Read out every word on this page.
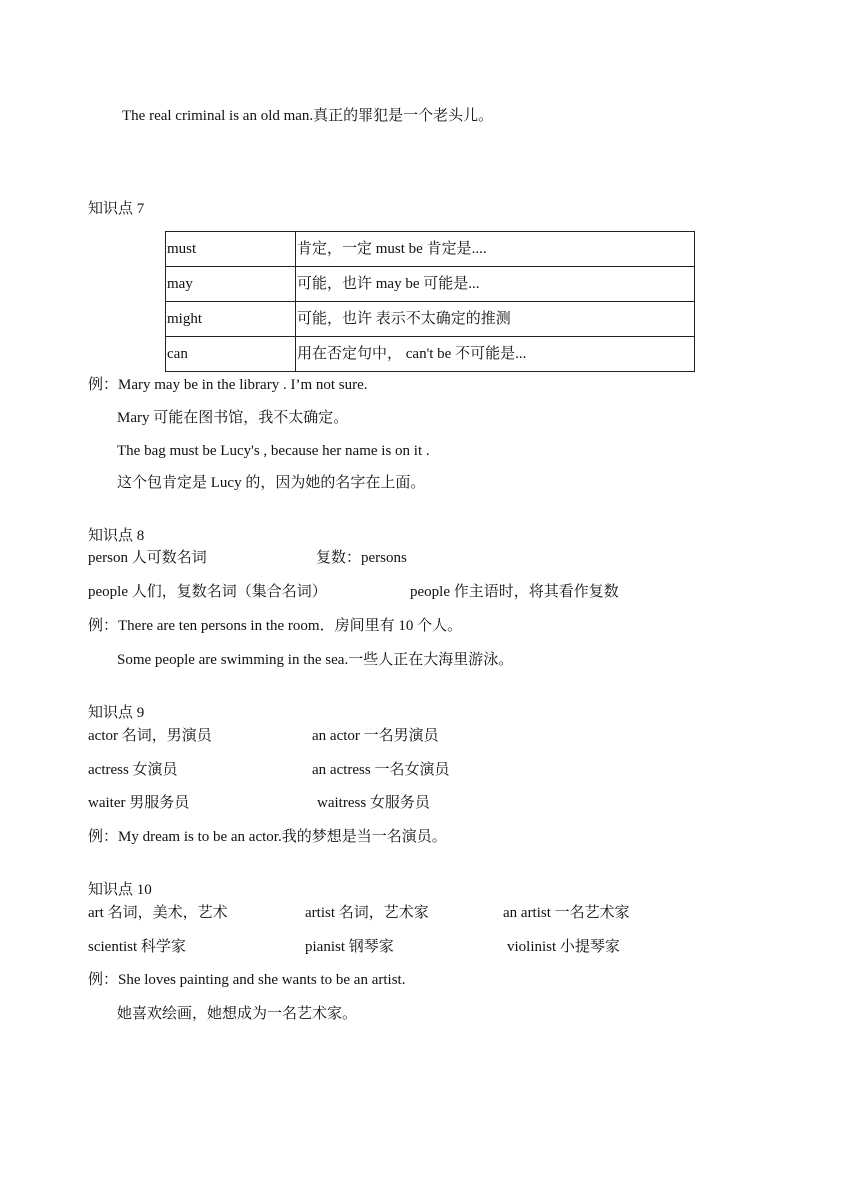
The real criminal is an old man.真正的罪犯是一个老头儿。
知识点 7
must	肯定，一定 must be 肯定是....
may	可能，也许 may be 可能是...
might	可能，也许 表示不太确定的推测
can	用在否定句中， can't be 不可能是...
例：Mary may be in the library . I’m not sure.
Mary 可能在图书馆，我不太确定。
The bag must be Lucy's , because her name is on it .
这个包肯定是 Lucy 的，因为她的名字在上面。
知识点 8
person 人可数名词	复数：persons
people 人们，复数名词（集合名词）	people 作主语时，将其看作复数
例：There are ten persons in the room．房间里有 10 个人。
Some people are swimming in the sea.一些人正在大海里游泳。
知识点 9
actor 名词，男演员	an actor 一名男演员
actress 女演员	an actress 一名女演员
waiter 男服务员	waitress 女服务员
例：My dream is to be an actor.我的梦想是当一名演员。
知识点 10
art 名词，美术，艺术	artist 名词，艺术家	an artist 一名艺术家
scientist 科学家	pianist 钢琴家	violinist 小提琴家
例：She loves painting and she wants to be an artist.
她喜欢绘画，她想成为一名艺术家。
